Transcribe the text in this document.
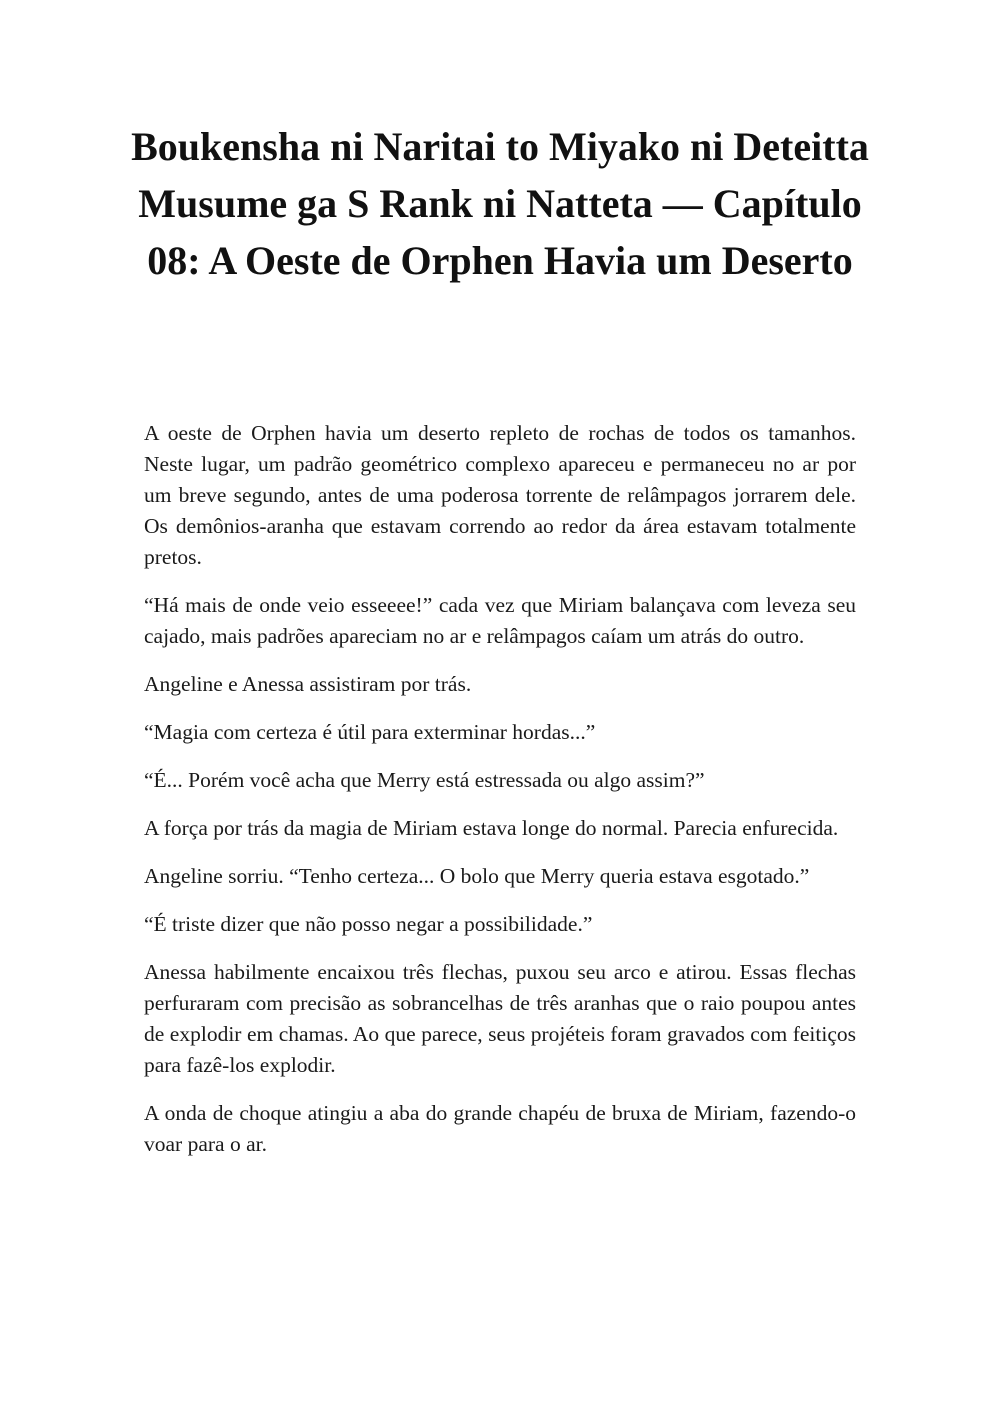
Boukensha ni Naritai to Miyako ni Deteitta Musume ga S Rank ni Natteta — Capítulo 08: A Oeste de Orphen Havia um Deserto

A oeste de Orphen havia um deserto repleto de rochas de todos os tamanhos. Neste lugar, um padrão geométrico complexo apareceu e permaneceu no ar por um breve segundo, antes de uma poderosa torrente de relâmpagos jorrarem dele. Os demônios-aranha que estavam correndo ao redor da área estavam totalmente pretos.

“Há mais de onde veio esseeee!” cada vez que Miriam balançava com leveza seu cajado, mais padrões apareciam no ar e relâmpagos caíam um atrás do outro.

Angeline e Anessa assistiram por trás.

“Magia com certeza é útil para exterminar hordas...”

“É... Porém você acha que Merry está estressada ou algo assim?”

A força por trás da magia de Miriam estava longe do normal. Parecia enfurecida.

Angeline sorriu. “Tenho certeza... O bolo que Merry queria estava esgotado.”

“É triste dizer que não posso negar a possibilidade.”

Anessa habilmente encaixou três flechas, puxou seu arco e atirou. Essas flechas perfuraram com precisão as sobrancelhas de três aranhas que o raio poupou antes de explodir em chamas. Ao que parece, seus projéteis foram gravados com feitiços para fazê-los explodir.

A onda de choque atingiu a aba do grande chapéu de bruxa de Miriam, fazendo-o voar para o ar.
